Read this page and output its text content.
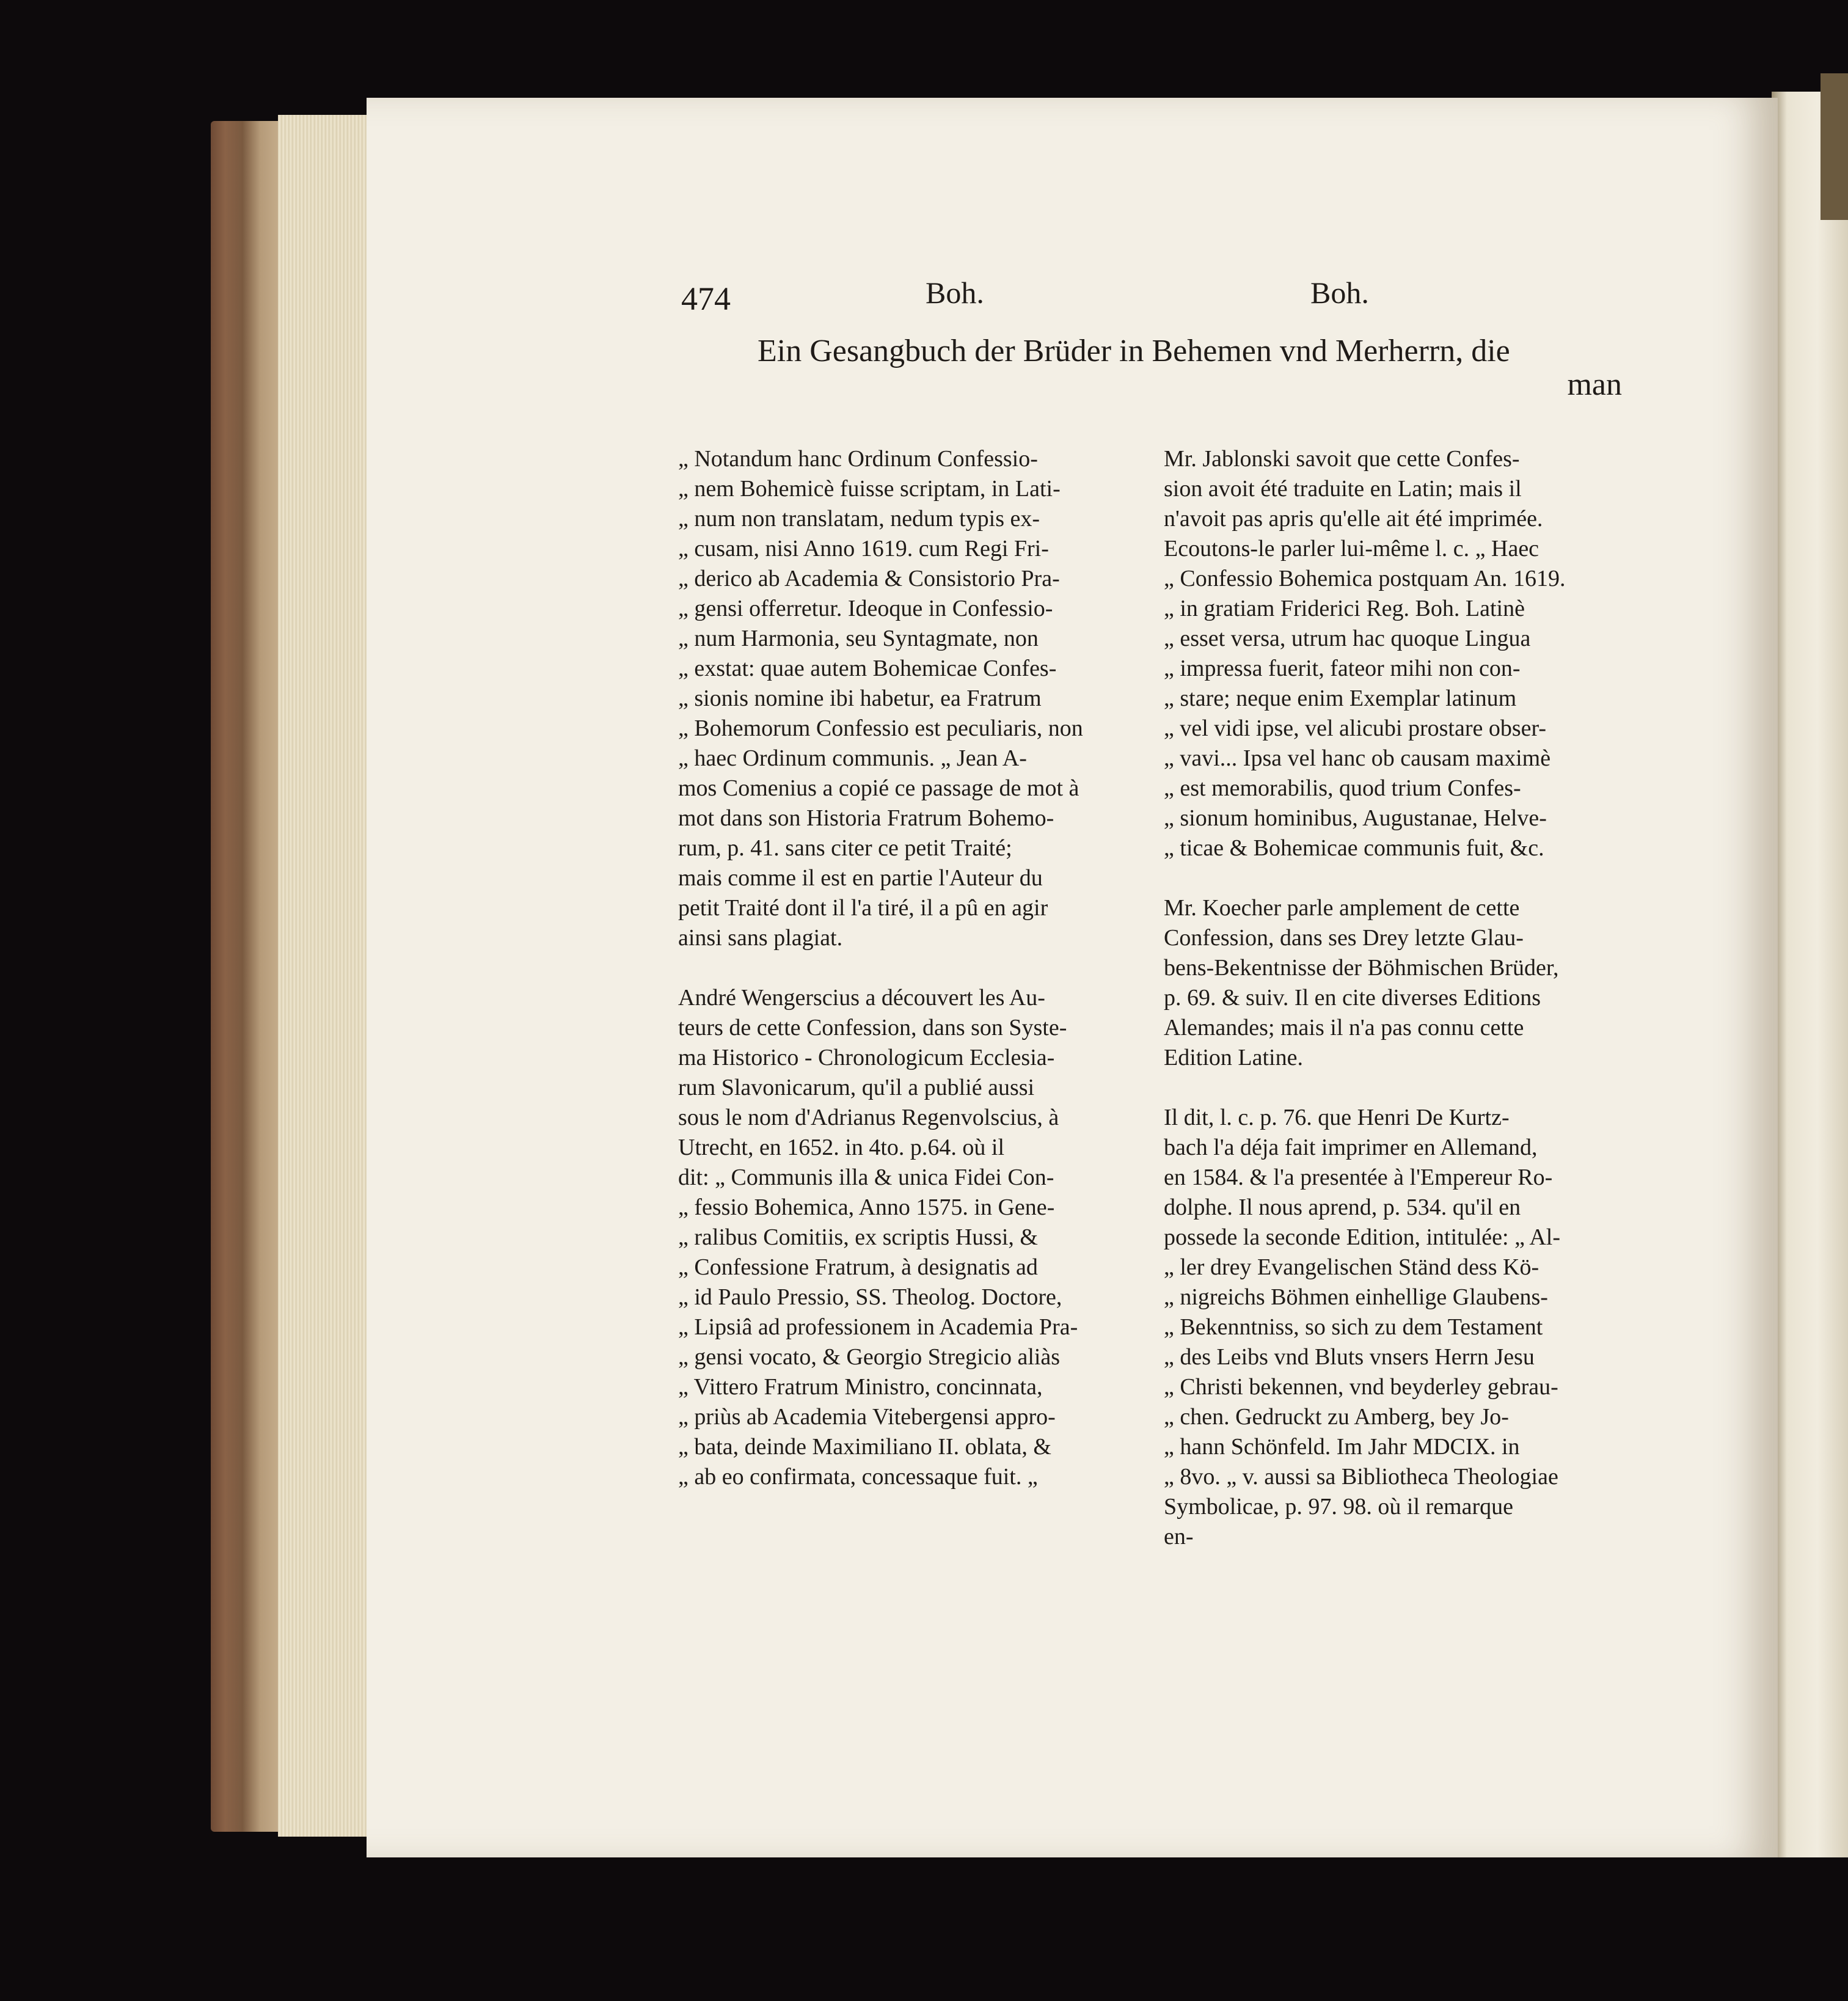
474	Boh.	Boh.
Ein Gesangbuch der Brüder in Behemen vnd Merherrn, die
man
„ Notandum hanc Ordinum Confessio-
„ nem Bohemicè fuisse scriptam, in Lati-
„ num non translatam, nedum typis ex-
„ cusam, nisi Anno 1619. cum Regi Fri-
„ derico ab Academia & Consistorio Pra-
„ gensi offerretur. Ideoque in Confessio-
„ num Harmonia, seu Syntagmate, non
„ exstat: quae autem Bohemicae Confes-
„ sionis nomine ibi habetur, ea Fratrum
„ Bohemorum Confessio est peculiaris, non
„ haec Ordinum communis. „ Jean A-
mos Comenius a copié ce passage de mot à
mot dans son Historia Fratrum Bohemo-
rum, p. 41. sans citer ce petit Traité;
mais comme il est en partie l'Auteur du
petit Traité dont il l'a tiré, il a pû en agir
ainsi sans plagiat.
André Wengerscius a découvert les Au-
teurs de cette Confession, dans son Syste-
ma Historico - Chronologicum Ecclesia-
rum Slavonicarum, qu'il a publié aussi
sous le nom d'Adrianus Regenvolscius, à
Utrecht, en 1652. in 4to. p.64. où il
dit: „ Communis illa & unica Fidei Con-
„ fessio Bohemica, Anno 1575. in Gene-
„ ralibus Comitiis, ex scriptis Hussi, &
„ Confessione Fratrum, à designatis ad
„ id Paulo Pressio, SS. Theolog. Doctore,
„ Lipsiâ ad professionem in Academia Pra-
„ gensi vocato, & Georgio Stregicio aliàs
„ Vittero Fratrum Ministro, concinnata,
„ priùs ab Academia Vitebergensi appro-
„ bata, deinde Maximiliano II. oblata, &
„ ab eo confirmata, concessaque fuit. „
Mr. Jablonski savoit que cette Confes-
sion avoit été traduite en Latin; mais il
n'avoit pas apris qu'elle ait été imprimée.
Ecoutons-le parler lui-même l. c. „ Haec
„ Confessio Bohemica postquam An. 1619.
„ in gratiam Friderici Reg. Boh. Latinè
„ esset versa, utrum hac quoque Lingua
„ impressa fuerit, fateor mihi non con-
„ stare; neque enim Exemplar latinum
„ vel vidi ipse, vel alicubi prostare obser-
„ vavi... Ipsa vel hanc ob causam maximè
„ est memorabilis, quod trium Confes-
„ sionum hominibus, Augustanae, Helve-
„ ticae & Bohemicae communis fuit, &c.
Mr. Koecher parle amplement de cette
Confession, dans ses Drey letzte Glau-
bens-Bekentnisse der Böhmischen Brüder,
p. 69. & suiv. Il en cite diverses Editions
Alemandes; mais il n'a pas connu cette
Edition Latine.
Il dit, l. c. p. 76. que Henri De Kurtz-
bach l'a déja fait imprimer en Allemand,
en 1584. & l'a presentée à l'Empereur Ro-
dolphe. Il nous aprend, p. 534. qu'il en
possede la seconde Edition, intitulée: „ Al-
„ ler drey Evangelischen Ständ dess Kö-
„ nigreichs Böhmen einhellige Glaubens-
„ Bekenntniss, so sich zu dem Testament
„ des Leibs vnd Bluts vnsers Herrn Jesu
„ Christi bekennen, vnd beyderley gebrau-
„ chen. Gedruckt zu Amberg, bey Jo-
„ hann Schönfeld. Im Jahr MDCIX. in
„ 8vo. „ v. aussi sa Bibliotheca Theologiae
Symbolicae, p. 97. 98. où il remarque
en-
